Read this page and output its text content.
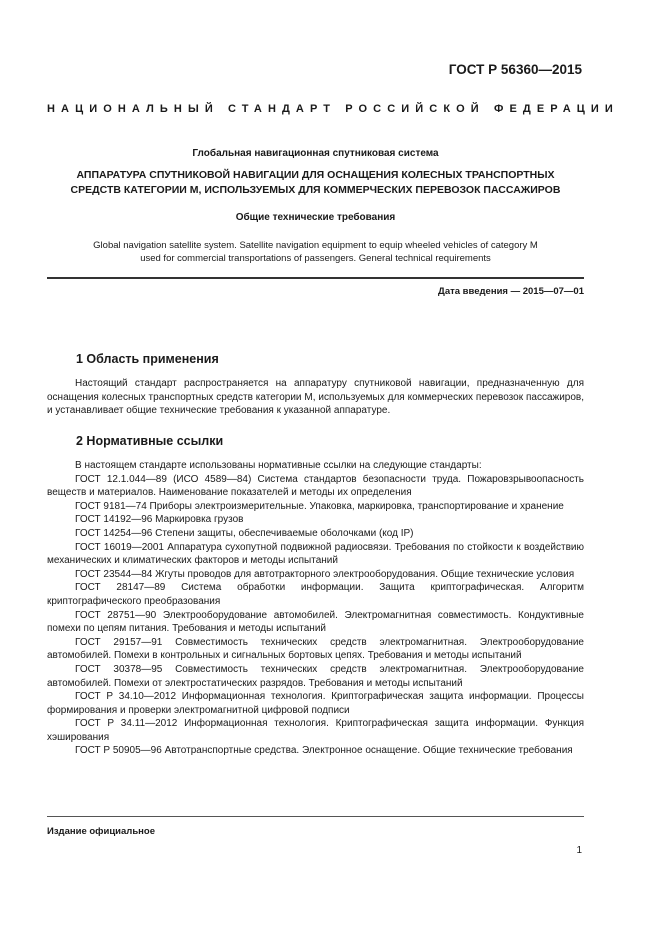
ГОСТ Р 56360—2015
НАЦИОНАЛЬНЫЙ СТАНДАРТ РОССИЙСКОЙ ФЕДЕРАЦИИ
Глобальная навигационная спутниковая система
АППАРАТУРА СПУТНИКОВОЙ НАВИГАЦИИ ДЛЯ ОСНАЩЕНИЯ КОЛЕСНЫХ ТРАНСПОРТНЫХ
СРЕДСТВ КАТЕГОРИИ М, ИСПОЛЬЗУЕМЫХ ДЛЯ КОММЕРЧЕСКИХ ПЕРЕВОЗОК ПАССАЖИРОВ
Общие технические требования
Global navigation satellite system. Satellite navigation equipment to equip wheeled vehicles of category M
used for commercial transportations of passengers. General technical requirements
Дата введения — 2015—07—01
1 Область применения

Настоящий стандарт распространяется на аппаратуру спутниковой навигации, предназначенную для оснащения колесных транспортных средств категории М, используемых для коммерческих перевозок пассажиров, и устанавливает общие технические требования к указанной аппаратуре.

2 Нормативные ссылки

В настоящем стандарте использованы нормативные ссылки на следующие стандарты:

ГОСТ 12.1.044—89 (ИСО 4589—84) Система стандартов безопасности труда. Пожаровзрывоопасность веществ и материалов. Наименование показателей и методы их определения

ГОСТ 9181—74 Приборы электроизмерительные. Упаковка, маркировка, транспортирование и хранение

ГОСТ 14192—96 Маркировка грузов

ГОСТ 14254—96 Степени защиты, обеспечиваемые оболочками (код IP)

ГОСТ 16019—2001 Аппаратура сухопутной подвижной радиосвязи. Требования по стойкости к воздействию механических и климатических факторов и методы испытаний

ГОСТ 23544—84 Жгуты проводов для автотракторного электрооборудования. Общие технические условия

ГОСТ 28147—89 Система обработки информации. Защита криптографическая. Алгоритм криптографического преобразования

ГОСТ 28751—90 Электрооборудование автомобилей. Электромагнитная совместимость. Кондуктивные помехи по цепям питания. Требования и методы испытаний

ГОСТ 29157—91 Совместимость технических средств электромагнитная. Электрооборудование автомобилей. Помехи в контрольных и сигнальных бортовых цепях. Требования и методы испытаний

ГОСТ 30378—95 Совместимость технических средств электромагнитная. Электрооборудование автомобилей. Помехи от электростатических разрядов. Требования и методы испытаний

ГОСТ Р 34.10—2012 Информационная технология. Криптографическая защита информации. Процессы формирования и проверки электромагнитной цифровой подписи

ГОСТ Р 34.11—2012 Информационная технология. Криптографическая защита информации. Функция хэширования

ГОСТ Р 50905—96 Автотранспортные средства. Электронное оснащение. Общие технические требования

Издание официальное
1
